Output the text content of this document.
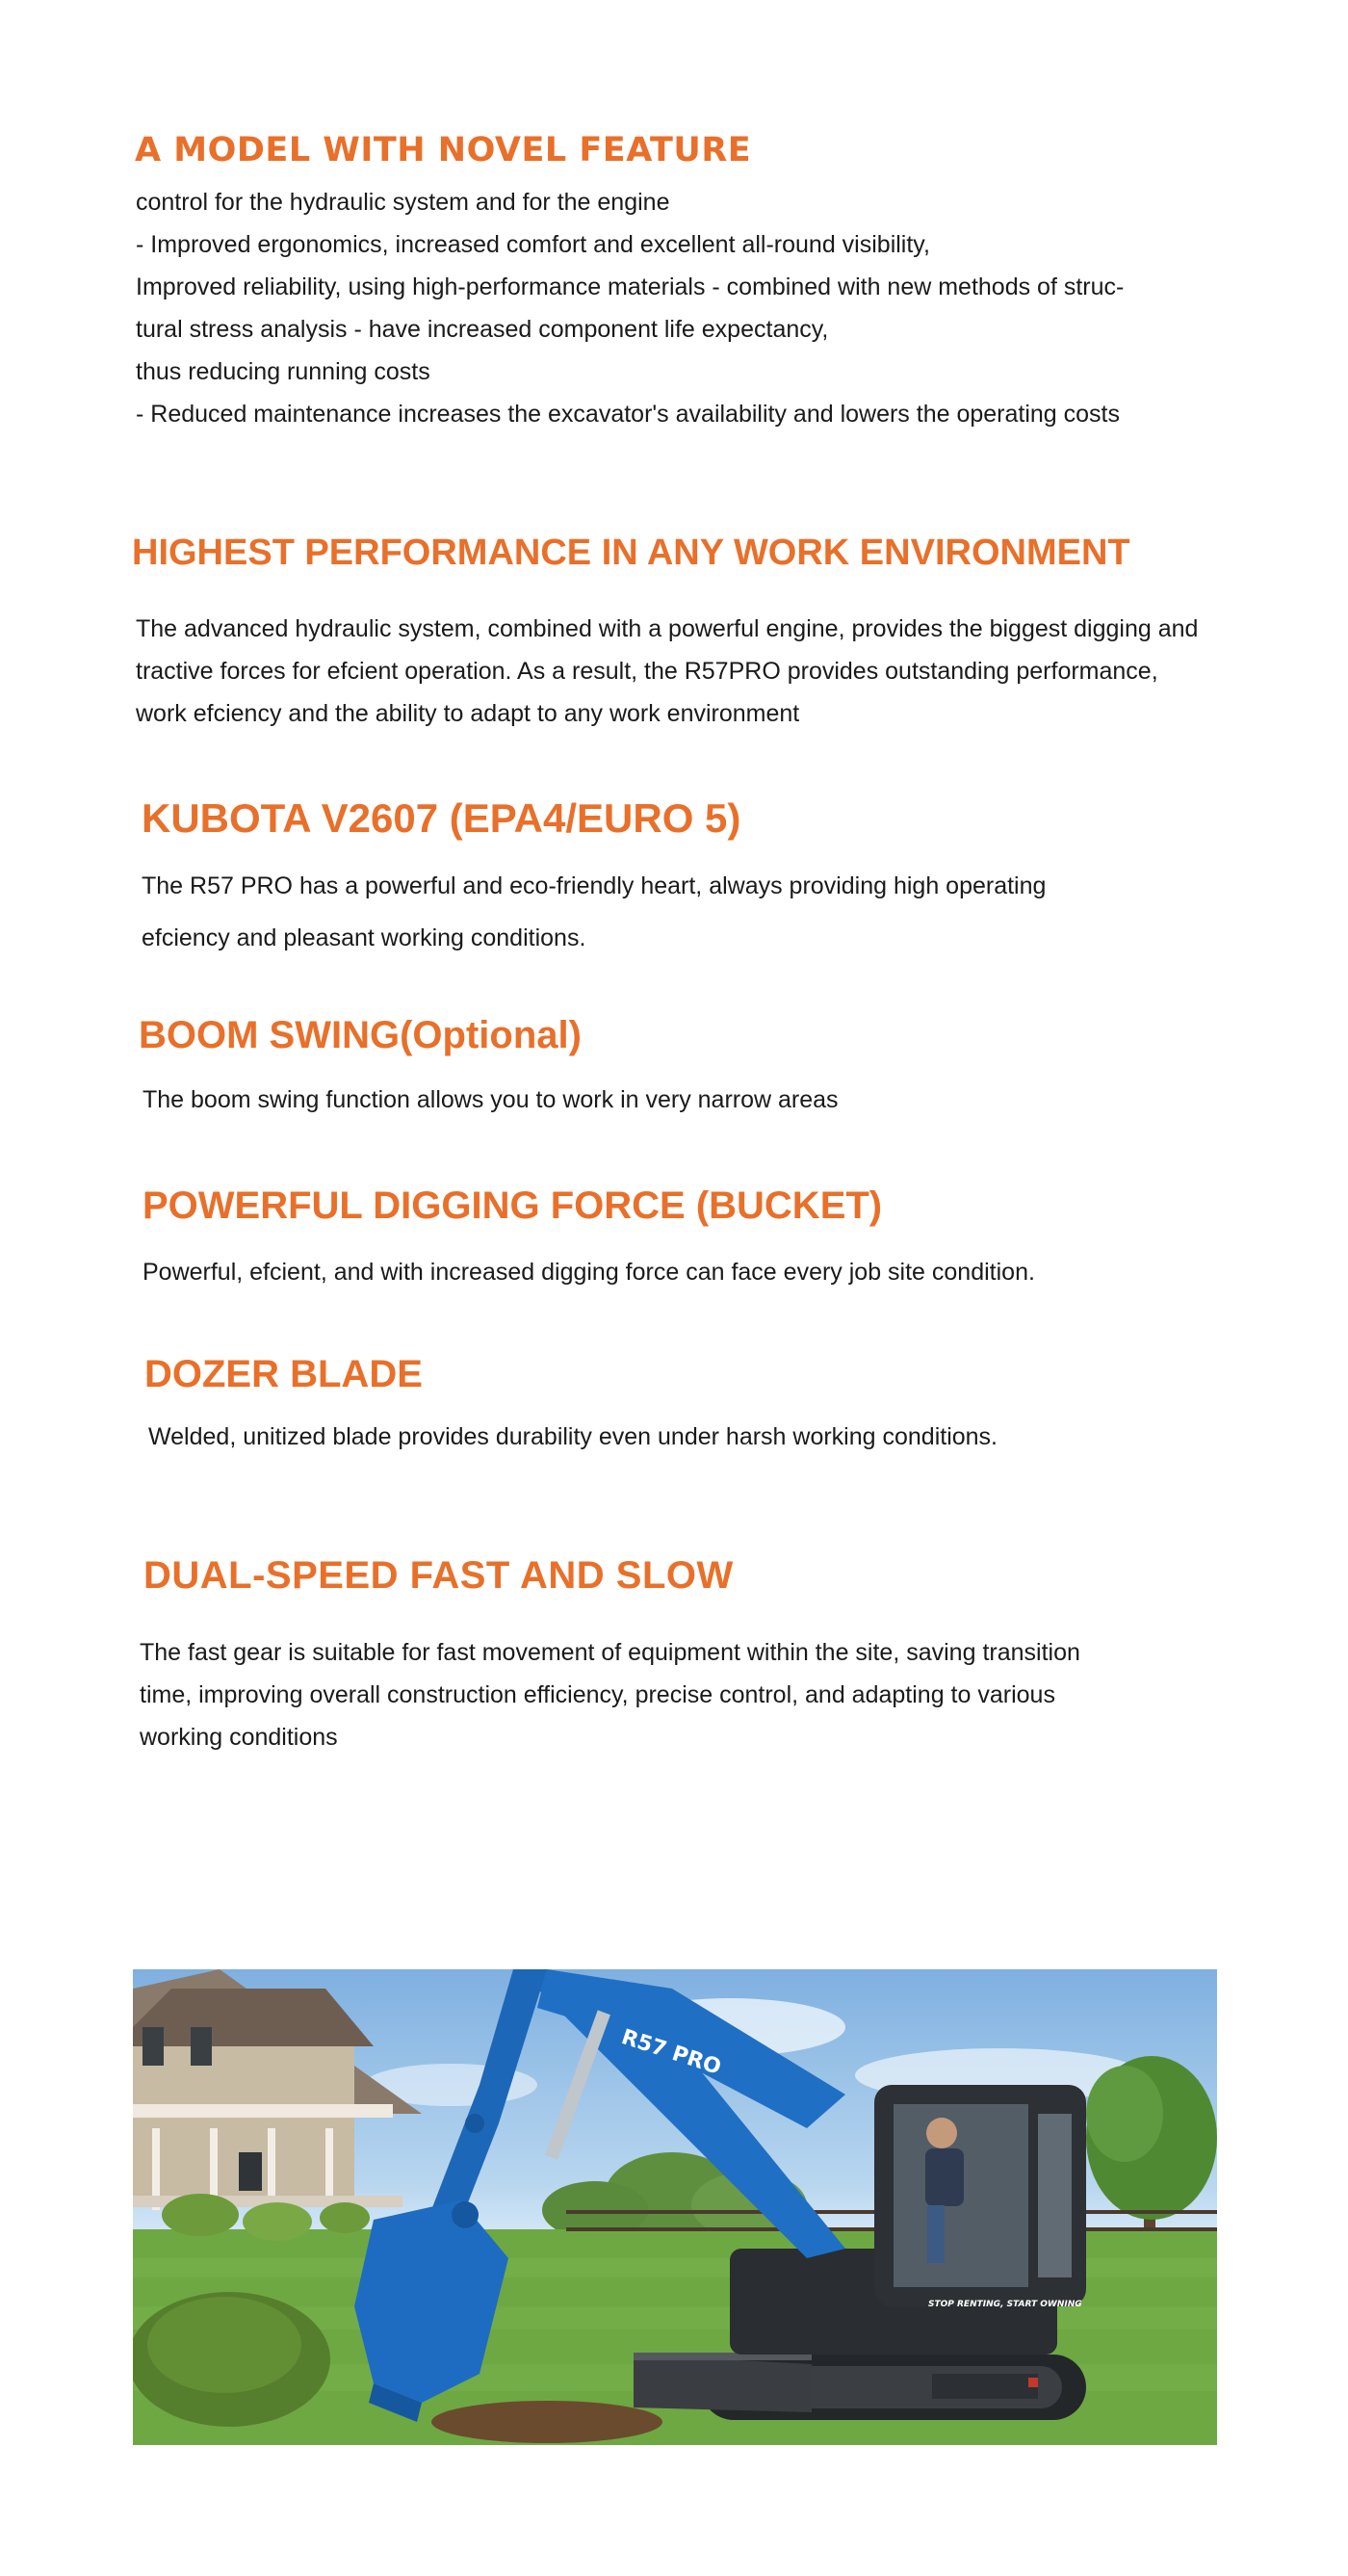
A MODEL WITH NOVEL FEATURE
control for the hydraulic system and for the engine
- Improved ergonomics, increased comfort and excellent all-round visibility,
Improved reliability, using high-performance materials - combined with new methods of struc-
tural stress analysis - have increased component life expectancy,
thus reducing running costs
- Reduced maintenance increases the excavator's availability and lowers the operating costs
HIGHEST PERFORMANCE IN ANY WORK ENVIRONMENT
The advanced hydraulic system, combined with a powerful engine, provides the biggest digging and
tractive forces for efcient operation. As a result, the R57PRO provides outstanding performance,
work efciency and the ability to adapt to any work environment
KUBOTA V2607 (EPA4/EURO 5)
The R57 PRO has a powerful and eco-friendly heart, always providing high operating
efciency and pleasant working conditions.
BOOM SWING(Optional)
The boom swing function allows you to work in very narrow areas
POWERFUL DIGGING FORCE (BUCKET)
Powerful, efcient, and with increased digging force can face every job site condition.
DOZER BLADE
Welded, unitized blade provides durability even under harsh working conditions.
DUAL-SPEED FAST AND SLOW
The fast gear is suitable for fast movement of equipment within the site, saving transition
time, improving overall construction efficiency, precise control, and adapting to various
working conditions
R57 PRO
STOP RENTING, START OWNING
